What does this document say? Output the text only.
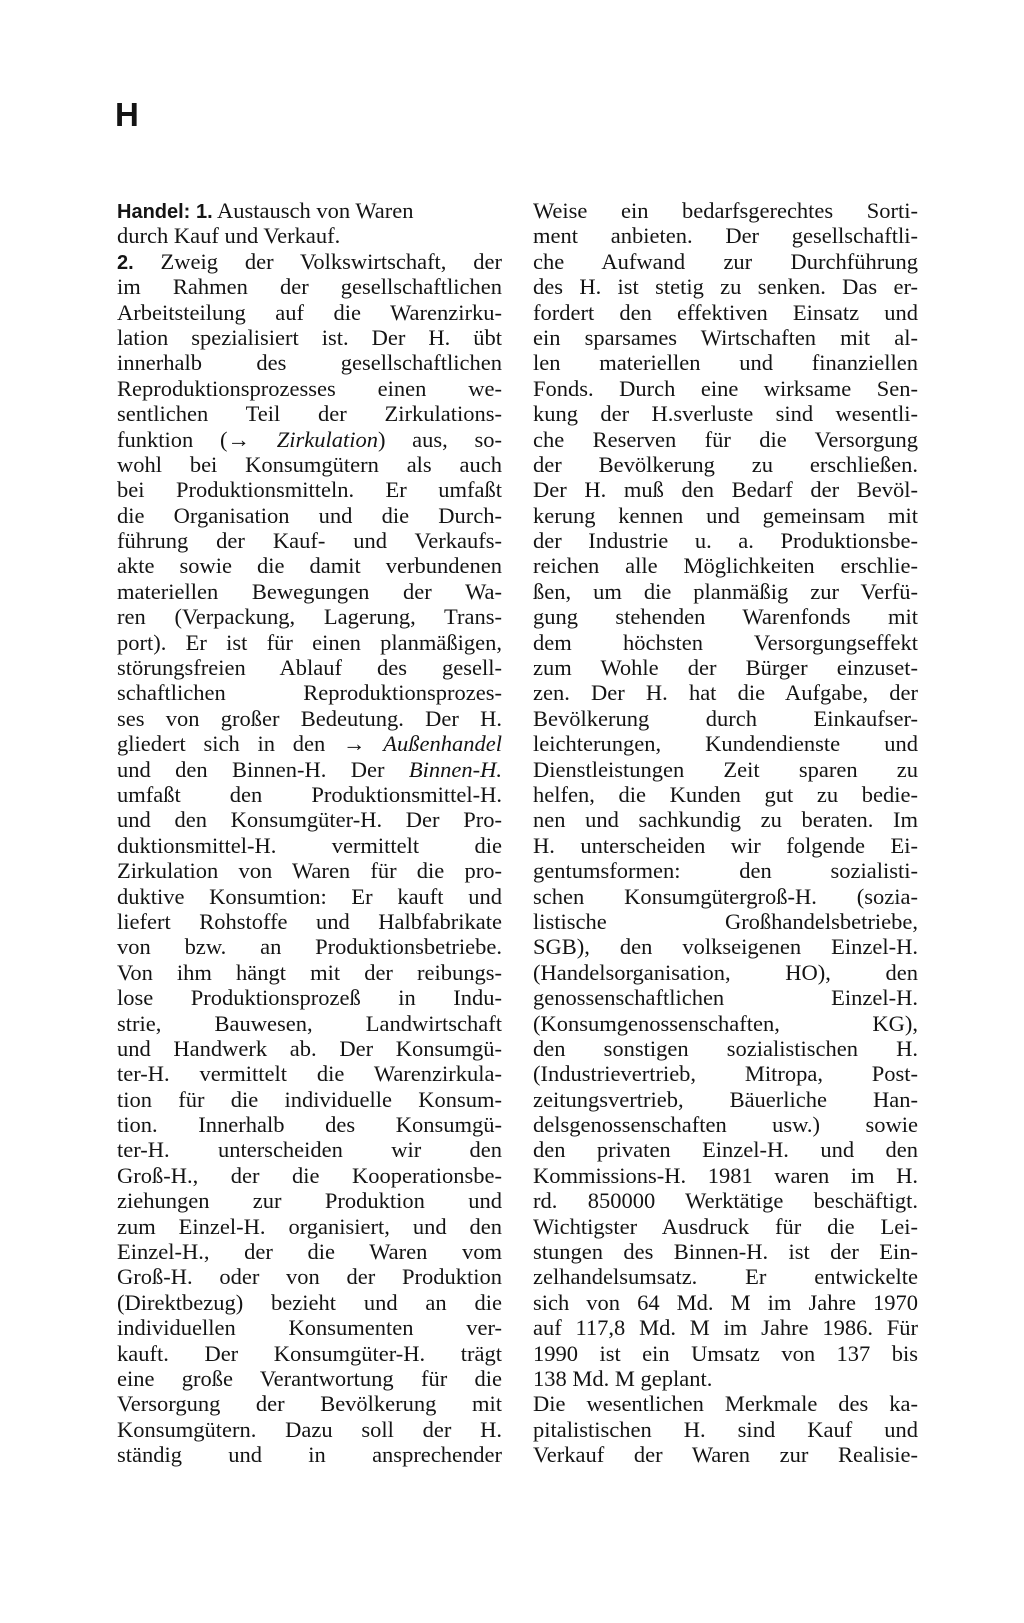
H
Handel: 1. Austausch von Waren
durch Kauf und Verkauf.
2. Zweig der Volkswirtschaft, der
im Rahmen der gesellschaftlichen
Arbeitsteilung auf die Warenzirku-
lation spezialisiert ist. Der H. übt
innerhalb des gesellschaftlichen
Reproduktionsprozesses einen we-
sentlichen Teil der Zirkulations-
funktion (→ Zirkulation) aus, so-
wohl bei Konsumgütern als auch
bei Produktionsmitteln. Er umfaßt
die Organisation und die Durch-
führung der Kauf- und Verkaufs-
akte sowie die damit verbundenen
materiellen Bewegungen der Wa-
ren (Verpackung, Lagerung, Trans-
port). Er ist für einen planmäßigen,
störungsfreien Ablauf des gesell-
schaftlichen Reproduktionsprozes-
ses von großer Bedeutung. Der H.
gliedert sich in den → Außenhandel
und den Binnen-H. Der Binnen-H.
umfaßt den Produktionsmittel-H.
und den Konsumgüter-H. Der Pro-
duktionsmittel-H. vermittelt die
Zirkulation von Waren für die pro-
duktive Konsumtion: Er kauft und
liefert Rohstoffe und Halbfabrikate
von bzw. an Produktionsbetriebe.
Von ihm hängt mit der reibungs-
lose Produktionsprozeß in Indu-
strie, Bauwesen, Landwirtschaft
und Handwerk ab. Der Konsumgü-
ter-H. vermittelt die Warenzirkula-
tion für die individuelle Konsum-
tion. Innerhalb des Konsumgü-
ter-H. unterscheiden wir den
Groß-H., der die Kooperationsbe-
ziehungen zur Produktion und
zum Einzel-H. organisiert, und den
Einzel-H., der die Waren vom
Groß-H. oder von der Produktion
(Direktbezug) bezieht und an die
individuellen Konsumenten ver-
kauft. Der Konsumgüter-H. trägt
eine große Verantwortung für die
Versorgung der Bevölkerung mit
Konsumgütern. Dazu soll der H.
ständig und in ansprechender
Weise ein bedarfsgerechtes Sorti-
ment anbieten. Der gesellschaftli-
che Aufwand zur Durchführung
des H. ist stetig zu senken. Das er-
fordert den effektiven Einsatz und
ein sparsames Wirtschaften mit al-
len materiellen und finanziellen
Fonds. Durch eine wirksame Sen-
kung der H.sverluste sind wesentli-
che Reserven für die Versorgung
der Bevölkerung zu erschließen.
Der H. muß den Bedarf der Bevöl-
kerung kennen und gemeinsam mit
der Industrie u. a. Produktionsbe-
reichen alle Möglichkeiten erschlie-
ßen, um die planmäßig zur Verfü-
gung stehenden Warenfonds mit
dem höchsten Versorgungseffekt
zum Wohle der Bürger einzuset-
zen. Der H. hat die Aufgabe, der
Bevölkerung durch Einkaufser-
leichterungen, Kundendienste und
Dienstleistungen Zeit sparen zu
helfen, die Kunden gut zu bedie-
nen und sachkundig zu beraten. Im
H. unterscheiden wir folgende Ei-
gentumsformen: den sozialisti-
schen Konsumgütergroß-H. (sozia-
listische Großhandelsbetriebe,
SGB), den volkseigenen Einzel-H.
(Handelsorganisation, HO), den
genossenschaftlichen Einzel-H.
(Konsumgenossenschaften, KG),
den sonstigen sozialistischen H.
(Industrievertrieb, Mitropa, Post-
zeitungsvertrieb, Bäuerliche Han-
delsgenossenschaften usw.) sowie
den privaten Einzel-H. und den
Kommissions-H. 1981 waren im H.
rd. 850000 Werktätige beschäftigt.
Wichtigster Ausdruck für die Lei-
stungen des Binnen-H. ist der Ein-
zelhandelsumsatz. Er entwickelte
sich von 64 Md. M im Jahre 1970
auf 117,8 Md. M im Jahre 1986. Für
1990 ist ein Umsatz von 137 bis
138 Md. M geplant.
Die wesentlichen Merkmale des ka-
pitalistischen H. sind Kauf und
Verkauf der Waren zur Realisie-
